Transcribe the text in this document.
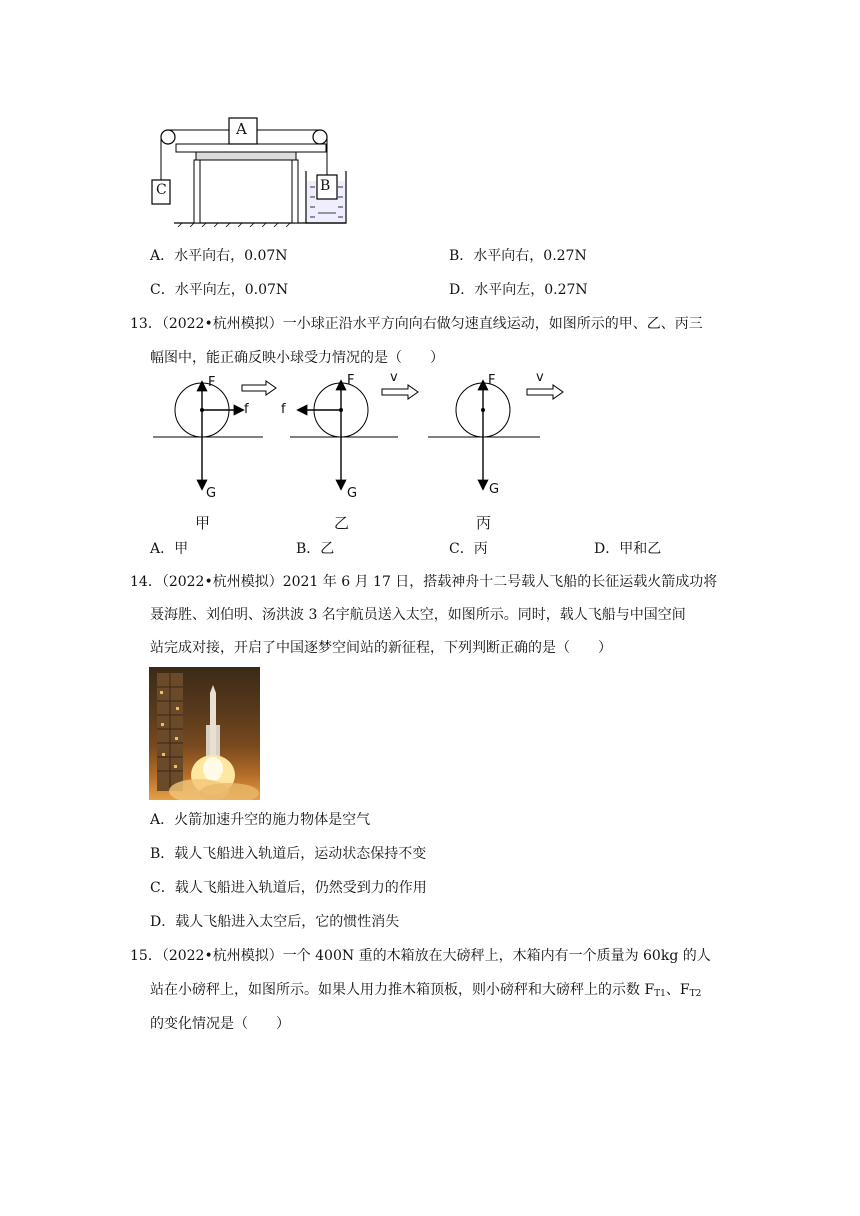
A
C	B
A．水平向右，0.07N	B．水平向右，0.27N
C．水平向左，0.07N	D．水平向左，0.27N
13．（2022•杭州模拟）一小球正沿水平方向向右做匀速直线运动，如图所示的甲、乙、丙三
幅图中，能正确反映小球受力情况的是（　　）
F
G
f
甲
F
G
f
v
乙
F
G
v
丙
A．甲	B．乙	C．丙	D．甲和乙
14．（2022•杭州模拟）2021 年 6 月 17 日，搭载神舟十二号载人飞船的长征运载火箭成功将
聂海胜、刘伯明、汤洪波 3 名宇航员送入太空，如图所示。同时，载人飞船与中国空间
站完成对接，开启了中国逐梦空间站的新征程，下列判断正确的是（　　）
A．火箭加速升空的施力物体是空气
B．载人飞船进入轨道后，运动状态保持不变
C．载人飞船进入轨道后，仍然受到力的作用
D．载人飞船进入太空后，它的惯性消失
15．（2022•杭州模拟）一个 400N 重的木箱放在大磅秤上，木箱内有一个质量为 60kg 的人
站在小磅秤上，如图所示。如果人用力推木箱顶板，则小磅秤和大磅秤上的示数 $F_{T1}$、$F_{T2}$
的变化情况是（　　）
